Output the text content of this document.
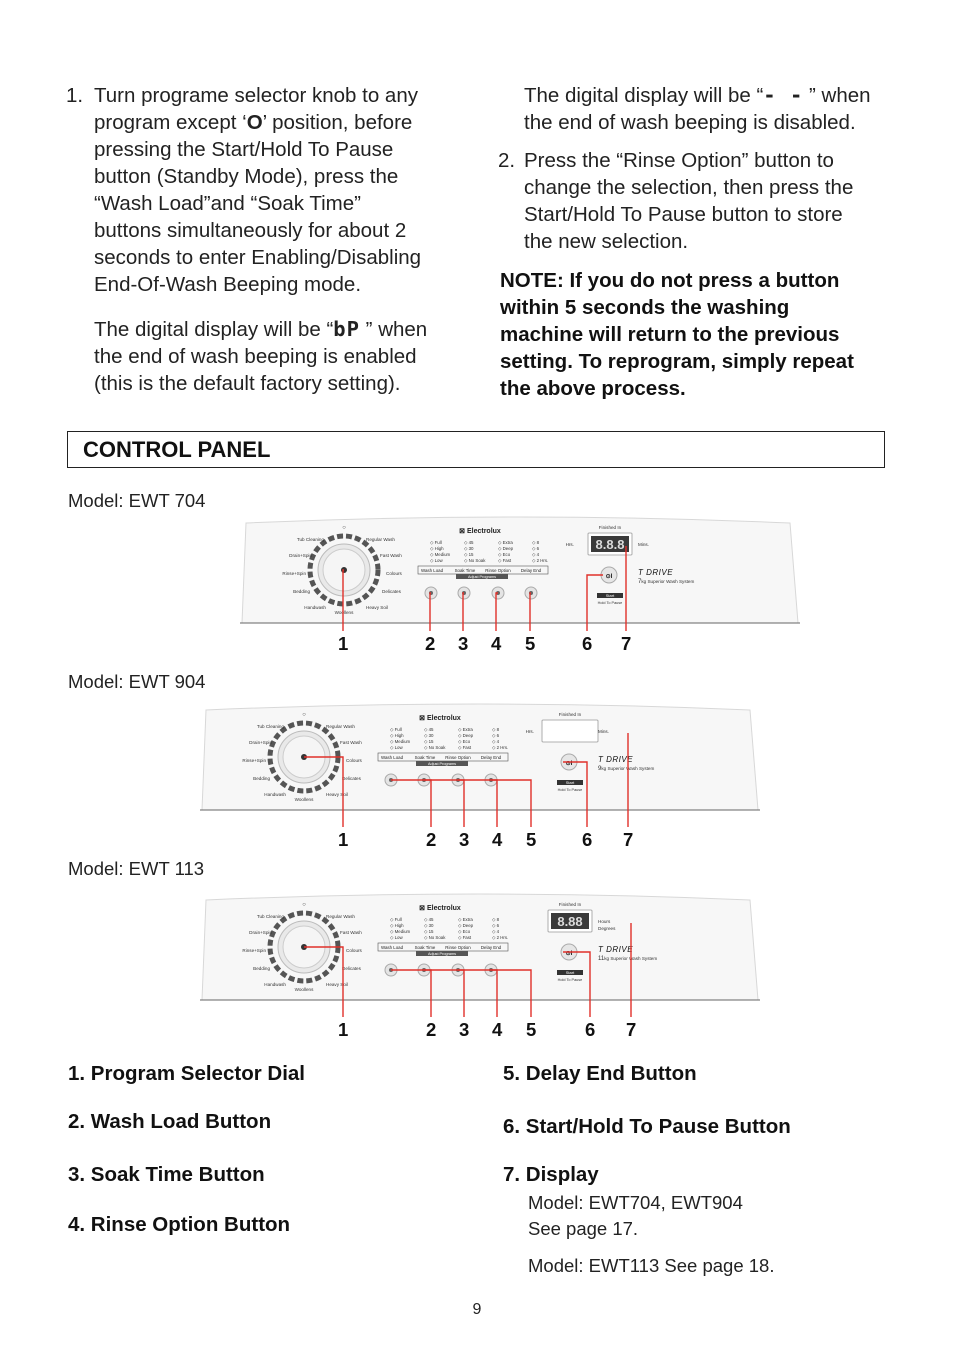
1. Turn programe selector knob to any

program except ‘O’ position, before

pressing the Start/Hold To Pause

button (Standby Mode), press the

“Wash Load”and “Soak Time”

buttons simultaneously for about 2

seconds to enter Enabling/Disabling

End-Of-Wash Beeping mode.

The digital display will be “bP ” when

the end of wash beeping is enabled

(this is the default factory setting).

The digital display will be “- - ” when

the end of wash beeping is disabled.

2. Press the “Rinse Option” button to

change the selection, then press the

Start/Hold To Pause button to store

the new selection.

NOTE: If you do not press a button

within 5 seconds the washing

machine will return to the previous

setting. To reprogram, simply repeat

the above process.

CONTROL PANEL
Model: EWT 704
Model: EWT 904
Model: EWT 113
○
Tub Cleaning
Drain+Spin
Rinse+Spin
Bedding
Handwash
Regular Wash
Fast Wash
Colours
Delicates
Heavy Soil
Woollens
⊠ Electrolux
◇ Full
◇ High
◇ Medium
◇ Low
◇ 45
◇ 30
◇ 15
◇ No Soak
◇ Extra
◇ Deep
◇ Eco
◇ Fast
◇ 8
◇ 6
◇ 4
◇ 2 Hrs.
Wash Load	Soak Time Rinse Option Delay End
Adjust Programs
Finished In
Hrs. 8.8.8	Mins.
⊙I
Start
Hold To Pause
T DRIVE
7kg Superior Wash System
○
Tub Cleaning
Drain+Spin
Rinse+Spin
Bedding
Handwash
Regular Wash
Fast Wash
Colours
Delicates
Heavy Soil
Woollens
⊠ Electrolux
◇ Full
◇ High
◇ Medium
◇ Low
◇ 45
◇ 30
◇ 15
◇ No Soak
◇ Extra
◇ Deep
◇ Eco
◇ Fast
◇ 8
◇ 6
◇ 4
◇ 2 Hrs.
Wash Load	Soak Time Rinse Option Delay End
Adjust Programs
Finished In
Hrs.	Mins.
⊙I
Start
Hold To Pause
T DRIVE
9kg Superior Wash System
○
Tub Cleaning
Drain+Spin
Rinse+Spin
Bedding
Handwash
Regular Wash
Fast Wash
Colours
Delicates
Heavy Soil
Woollens
⊠ Electrolux
◇ Full
◇ High
◇ Medium
◇ Low
◇ 45
◇ 30
◇ 15
◇ No Soak
◇ Extra
◇ Deep
◇ Eco
◇ Fast
◇ 8
◇ 6
◇ 4
◇ 2 Hrs.
Wash Load	Soak Time Rinse Option Delay End
Adjust Programs
Finished In
8.88	Hours
⊙I
Start
Hold To Pause
T DRIVE
11kg Superior Wash System
Degrees
1	2 3 4 5	6 7
1	2 3 4 5 6 7
1	2 3 4 5	6 7
1. Program Selector Dial
2. Wash Load Button
3. Soak Time Button
4. Rinse Option Button
5. Delay End Button
6. Start/Hold To Pause Button
7. Display
Model: EWT704, EWT904
See page 17.
Model: EWT113 See page 18.
9
